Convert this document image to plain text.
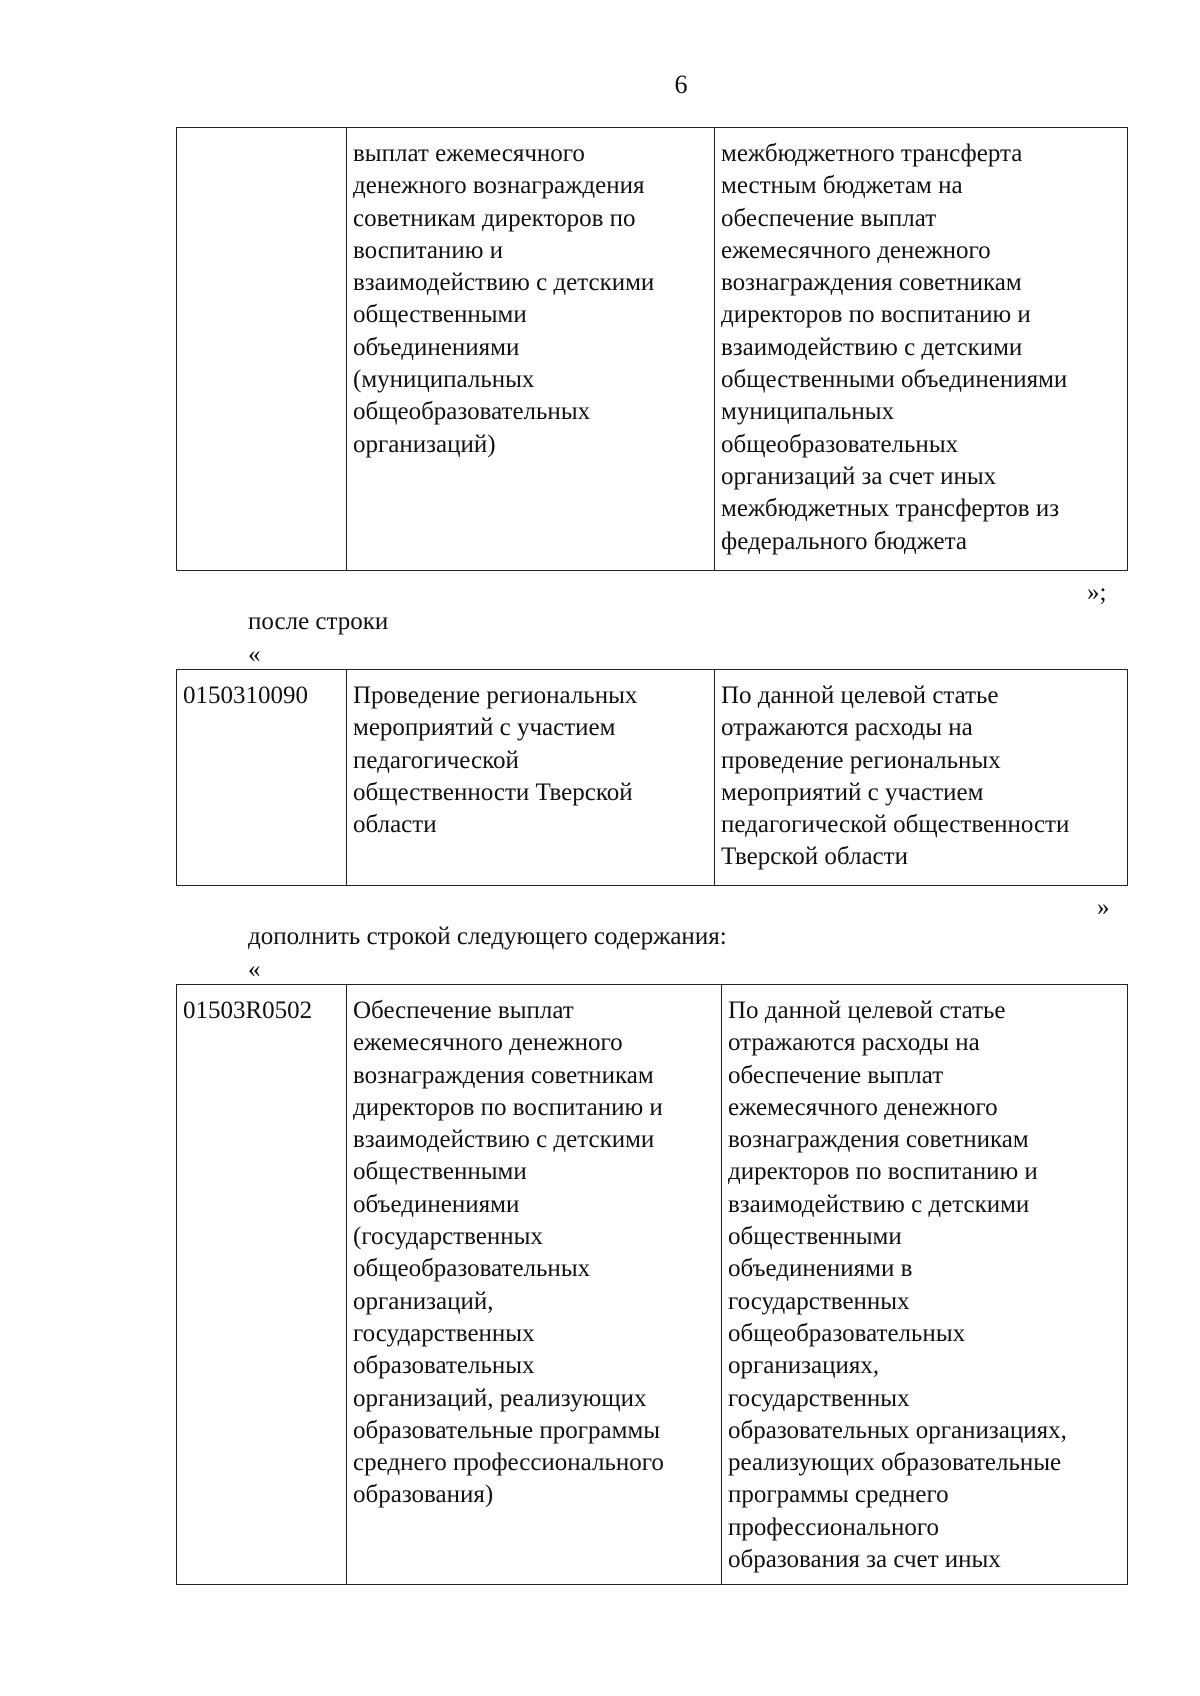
6
	выплат ежемесячного
денежного вознаграждения
советникам директоров по
воспитанию и
взаимодействию с детскими
общественными
объединениями
(муниципальных
общеобразовательных
организаций)	межбюджетного трансферта
местным бюджетам на
обеспечение выплат
ежемесячного денежного
вознаграждения советникам
директоров по воспитанию и
взаимодействию с детскими
общественными объединениями
муниципальных
общеобразовательных
организаций за счет иных
межбюджетных трансфертов из
федерального бюджета
»;
после строки
«
0150310090	Проведение региональных
мероприятий с участием
педагогической
общественности Тверской
области	По данной целевой статье
отражаются расходы на
проведение региональных
мероприятий с участием
педагогической общественности
Тверской области
»
дополнить строкой следующего содержания:
«
01503R0502	Обеспечение выплат
ежемесячного денежного
вознаграждения советникам
директоров по воспитанию и
взаимодействию с детскими
общественными
объединениями
(государственных
общеобразовательных
организаций,
государственных
образовательных
организаций, реализующих
образовательные программы
среднего профессионального
образования)	По данной целевой статье
отражаются расходы на
обеспечение выплат
ежемесячного денежного
вознаграждения советникам
директоров по воспитанию и
взаимодействию с детскими
общественными
объединениями в
государственных
общеобразовательных
организациях,
государственных
образовательных организациях,
реализующих образовательные
программы среднего
профессионального
образования за счет иных
